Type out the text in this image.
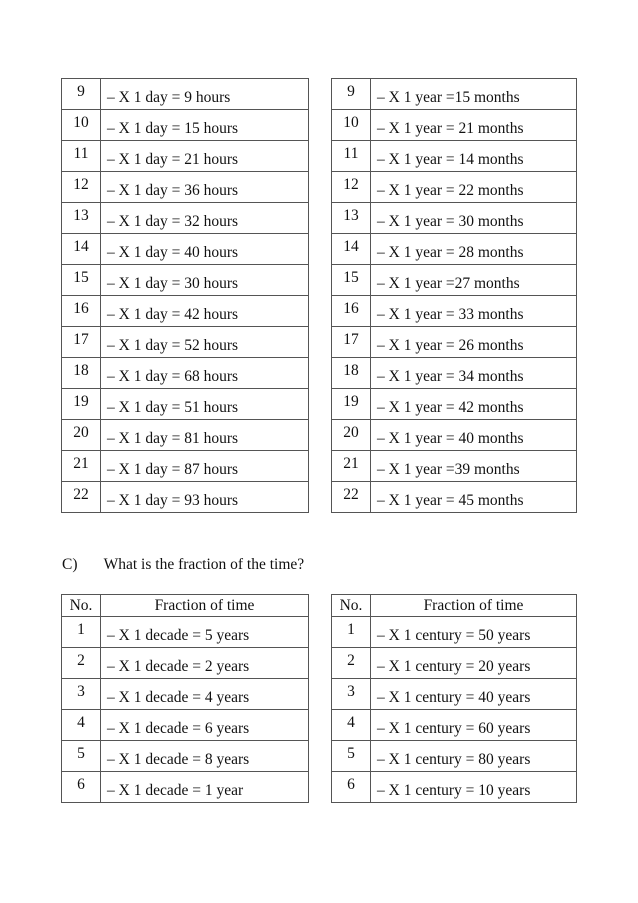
9	– X 1 day = 9 hours
10	– X 1 day = 15 hours
11	– X 1 day = 21 hours
12	– X 1 day = 36 hours
13	– X 1 day = 32 hours
14	– X 1 day = 40 hours
15	– X 1 day = 30 hours
16	– X 1 day = 42 hours
17	– X 1 day = 52 hours
18	– X 1 day = 68 hours
19	– X 1 day = 51 hours
20	– X 1 day = 81 hours
21	– X 1 day = 87 hours
22	– X 1 day = 93 hours
9	– X 1 year =15 months
10	– X 1 year = 21 months
11	– X 1 year = 14 months
12	– X 1 year = 22 months
13	– X 1 year = 30 months
14	– X 1 year = 28 months
15	– X 1 year =27 months
16	– X 1 year = 33 months
17	– X 1 year = 26 months
18	– X 1 year = 34 months
19	– X 1 year = 42 months
20	– X 1 year = 40 months
21	– X 1 year =39 months
22	– X 1 year = 45 months
C) What is the fraction of the time?
No.	Fraction of time
1	– X 1 decade = 5 years
2	– X 1 decade = 2 years
3	– X 1 decade = 4 years
4	– X 1 decade = 6 years
5	– X 1 decade = 8 years
6	– X 1 decade = 1 year
No.	Fraction of time
1	– X 1 century = 50 years
2	– X 1 century = 20 years
3	– X 1 century = 40 years
4	– X 1 century = 60 years
5	– X 1 century = 80 years
6	– X 1 century = 10 years
